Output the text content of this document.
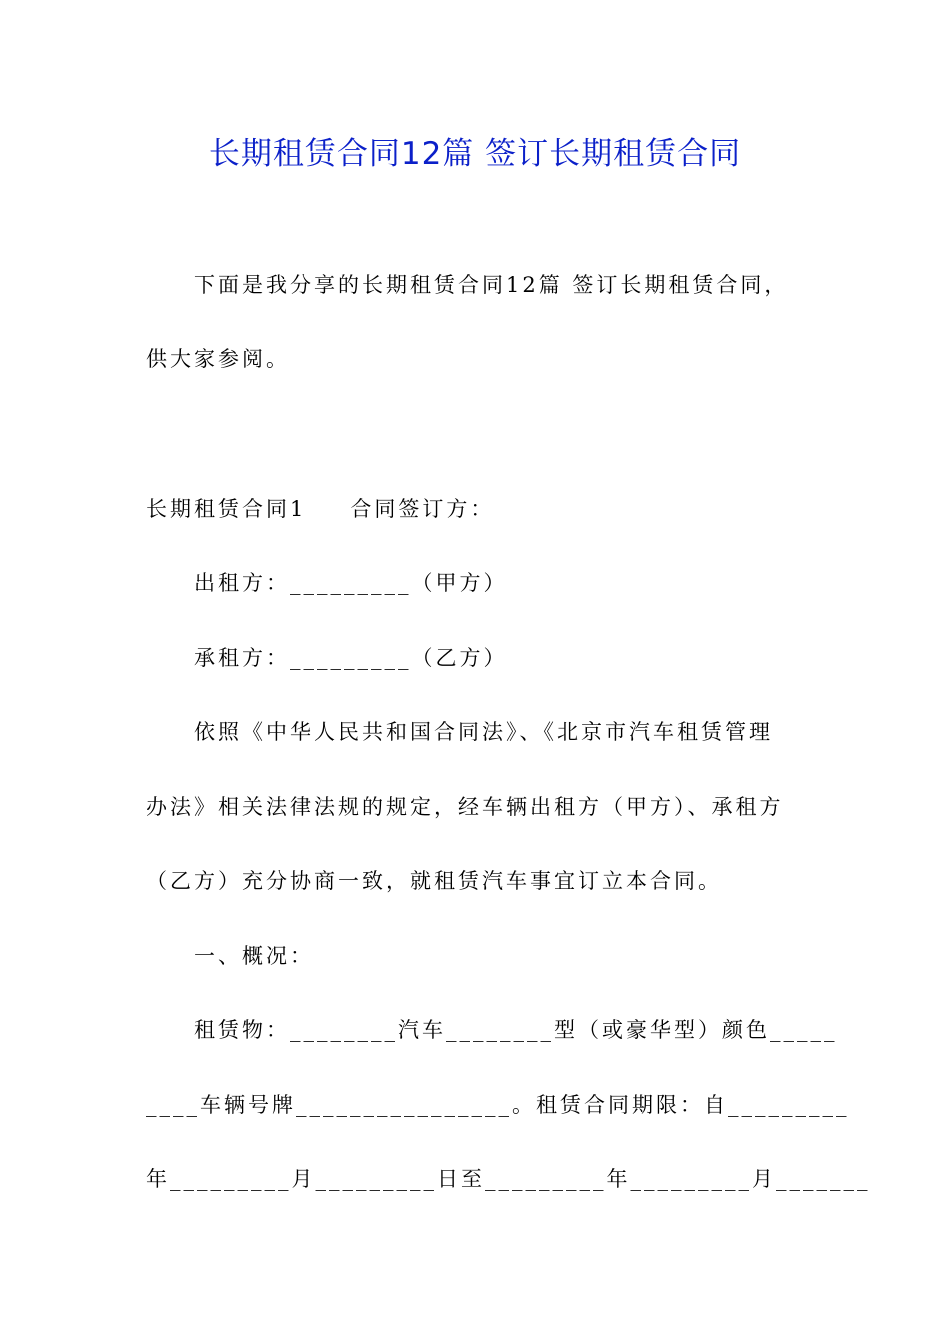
长期租赁合同12篇 签订长期租赁合同
下面是我分享的长期租赁合同12篇 签订长期租赁合同，
供大家参阅。
长期租赁合同1 合同签订方：
出租方：_________（甲方）
承租方：_________（乙方）
依照《中华人民共和国合同法》、《北京市汽车租赁管理
办法》相关法律法规的规定，经车辆出租方（甲方）、承租方
（乙方）充分协商一致，就租赁汽车事宜订立本合同。
一、概况：
租赁物：________汽车________型（或豪华型）颜色_____
____车辆号牌________________。租赁合同期限：自_________
年_________月_________日至_________年_________月_______
